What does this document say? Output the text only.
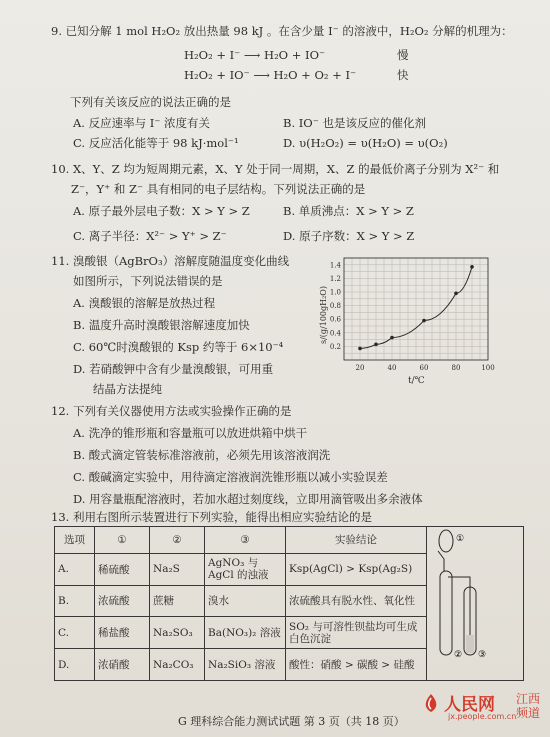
9. 已知分解 1 mol H₂O₂ 放出热量 98 kJ 。在含少量 I⁻ 的溶液中，H₂O₂ 分解的机理为：
H₂O₂ + I⁻ ⟶ H₂O + IO⁻	慢
H₂O₂ + IO⁻ ⟶ H₂O + O₂ + I⁻	快
下列有关该反应的说法正确的是
A. 反应速率与 I⁻ 浓度有关	B. IO⁻ 也是该反应的催化剂
C. 反应活化能等于 98 kJ·mol⁻¹	D. υ(H₂O₂) = υ(H₂O) = υ(O₂)
10. X、Y、Z 均为短周期元素，X、Y 处于同一周期，X、Z 的最低价离子分别为 X²⁻ 和
Z⁻，Y⁺ 和 Z⁻ 具有相同的电子层结构。下列说法正确的是
A. 原子最外层电子数：X > Y > Z	B. 单质沸点：X > Y > Z
C. 离子半径：X²⁻ > Y⁺ > Z⁻	D. 原子序数：X > Y > Z
11. 溴酸银（AgBrO₃）溶解度随温度变化曲线
如图所示，下列说法错误的是
A. 溴酸银的溶解是放热过程
B. 温度升高时溴酸银溶解速度加快
C. 60℃时溴酸银的 Ksp 约等于 6×10⁻⁴
D. 若硝酸钾中含有少量溴酸银，可用重
结晶方法提纯
20	40	60	80	100
0.2
0.4
0.6
0.8
1.0
1.2
1.4
s/(g/100gH₂O)
t/℃
12. 下列有关仪器使用方法或实验操作正确的是
A. 洗净的锥形瓶和容量瓶可以放进烘箱中烘干
B. 酸式滴定管装标准溶液前，必须先用该溶液润洗
C. 酸碱滴定实验中，用待滴定溶液润洗锥形瓶以减小实验误差
D. 用容量瓶配溶液时，若加水超过刻度线，立即用滴管吸出多余液体
13. 利用右图所示装置进行下列实验，能得出相应实验结论的是
选项	①	②	③	实验结论	①
② ③

A.	稀硫酸	Na₂S	AgNO₃ 与 AgCl 的浊液	Ksp(AgCl) > Ksp(Ag₂S)	
B.	浓硫酸	蔗糖	溴水	浓硫酸具有脱水性、氧化性	
C.	稀盐酸	Na₂SO₃	Ba(NO₃)₂ 溶液	SO₂ 与可溶性钡盐均可生成白色沉淀	
D.	浓硝酸	Na₂CO₃	Na₂SiO₃ 溶液	酸性：硝酸 > 碳酸 > 硅酸	
G 理科综合能力测试试题 第 3 页（共 18 页）
人民网 江西
频道
jx.people.com.cn
